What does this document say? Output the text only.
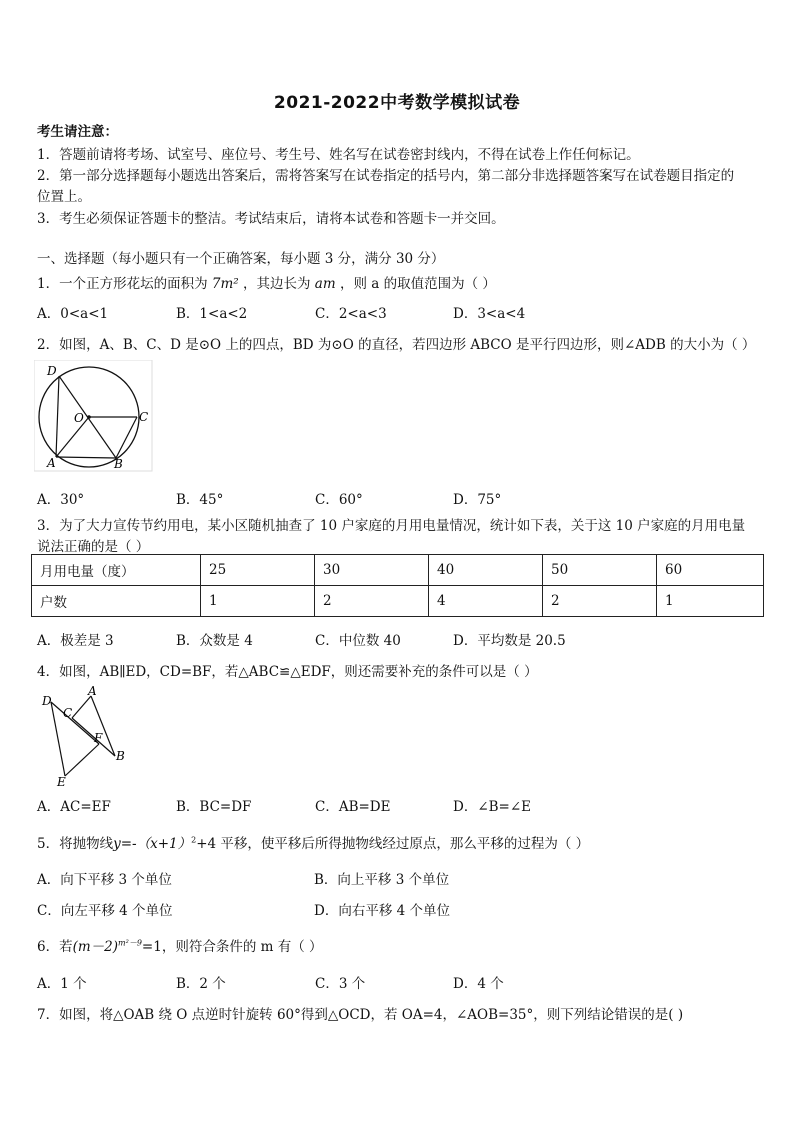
2021-2022中考数学模拟试卷
考生请注意：
1．答题前请将考场、试室号、座位号、考生号、姓名写在试卷密封线内，不得在试卷上作任何标记。
2．第一部分选择题每小题选出答案后，需将答案写在试卷指定的括号内，第二部分非选择题答案写在试卷题目指定的
位置上。
3．考生必须保证答题卡的整洁。考试结束后，请将本试卷和答题卡一并交回。
一、选择题（每小题只有一个正确答案，每小题 3 分，满分 30 分）
1．一个正方形花坛的面积为 7m² ，其边长为 am ，则 a 的取值范围为（ ）
A．0<a<1	B．1<a<2	C．2<a<3	D．3<a<4
2．如图，A、B、C、D 是⊙O 上的四点，BD 为⊙O 的直径，若四边形 ABCO 是平行四边形，则∠ADB 的大小为（ ）
D
O	C
A	B
A．30°	B．45°	C．60°	D．75°
3．为了大力宣传节约用电，某小区随机抽查了 10 户家庭的月用电量情况，统计如下表，关于这 10 户家庭的月用电量
说法正确的是（ ）
月用电量（度）	25	30	40	50	60
户数	1	2	4	2	1
A．极差是 3	B．众数是 4	C．中位数 40	D．平均数是 20.5
4．如图，AB∥ED，CD=BF，若△ABC≌△EDF，则还需要补充的条件可以是（ ）
D
A
C
F
B
E
A．AC=EF	B．BC=DF	C．AB=DE	D．∠B=∠E
5．将抛物线$y=-(x+1)^2+4$ 平移，使平移后所得抛物线经过原点，那么平移的过程为（ ）
A．向下平移 3 个单位	B．向上平移 3 个单位
C．向左平移 4 个单位	D．向右平移 4 个单位
6．若$(m-2)^{m^2-9}=1$，则符合条件的 m 有（ ）
A．1 个	B．2 个	C．3 个	D．4 个
7．如图，将△OAB 绕 O 点逆时针旋转 60°得到△OCD，若 OA=4，∠AOB=35°，则下列结论错误的是( )
